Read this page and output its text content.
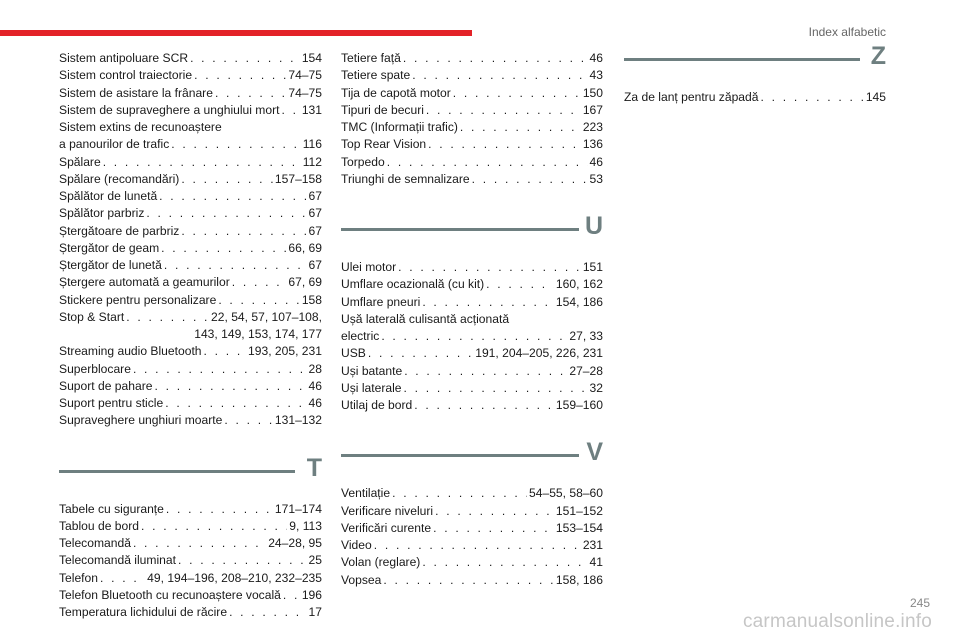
Index alfabetic
Sistem antipoluare SCR . . .	154
Sistem control traiectorie . . .	74–75
Sistem de asistare la frânare . . .	74–75
Sistem de supraveghere a unghiului mort . . . 131
Sistem extins de recunoaștere
a panourilor de trafic . . .	116
Spălare . . .	112
Spălare (recomandări) . . .	157–158
Spălător de lunetă . . .	67
Spălător parbriz . . .	67
Ștergătoare de parbriz . . .	67
Ștergător de geam . . .	66, 69
Ștergător de lunetă . . .	67
Ștergere automată a geamurilor . . .	67, 69
Stickere pentru personalizare . . .	158
Stop & Start . . .	22, 54, 57, 107–108,
143, 149, 153, 174, 177
Streaming audio Bluetooth . . .	193, 205, 231
Superblocare . . .	28
Suport de pahare . . .	46
Suport pentru sticle . . .	46
Supraveghere unghiuri moarte . . .	131–132
T
Tabele cu siguranțe . . .	171–174
Tablou de bord . . .	9, 113
Telecomandă . . .	24–28, 95
Telecomandă iluminat . . .	25
Telefon . . .	49, 194–196, 208–210, 232–235
Telefon Bluetooth cu recunoaștere vocală . . . 196
Temperatura lichidului de răcire . . .	17
Tetiere față . . .	46
Tetiere spate . . .	43
Tija de capotă motor . . .	150
Tipuri de becuri . . .	167
TMC (Informații trafic) . . .	223
Top Rear Vision . . .	136
Torpedo . . .	46
Triunghi de semnalizare . . .	53
U
Ulei motor . . .	151
Umflare ocazională (cu kit) . . .	160, 162
Umflare pneuri . . .	154, 186
Ușă laterală culisantă acționată
electric . . .	27, 33
USB . . .	191, 204–205, 226, 231
Uși batante . . .	27–28
Uși laterale . . .	32
Utilaj de bord . . .	159–160
V
Ventilație . . .	54–55, 58–60
Verificare niveluri . . .	151–152
Verificări curente . . .	153–154
Video . . .	231
Volan (reglare) . . .	41
Vopsea . . .	158, 186
Z
Za de lanț pentru zăpadă . . .	145
carmanualsonline.info
245
